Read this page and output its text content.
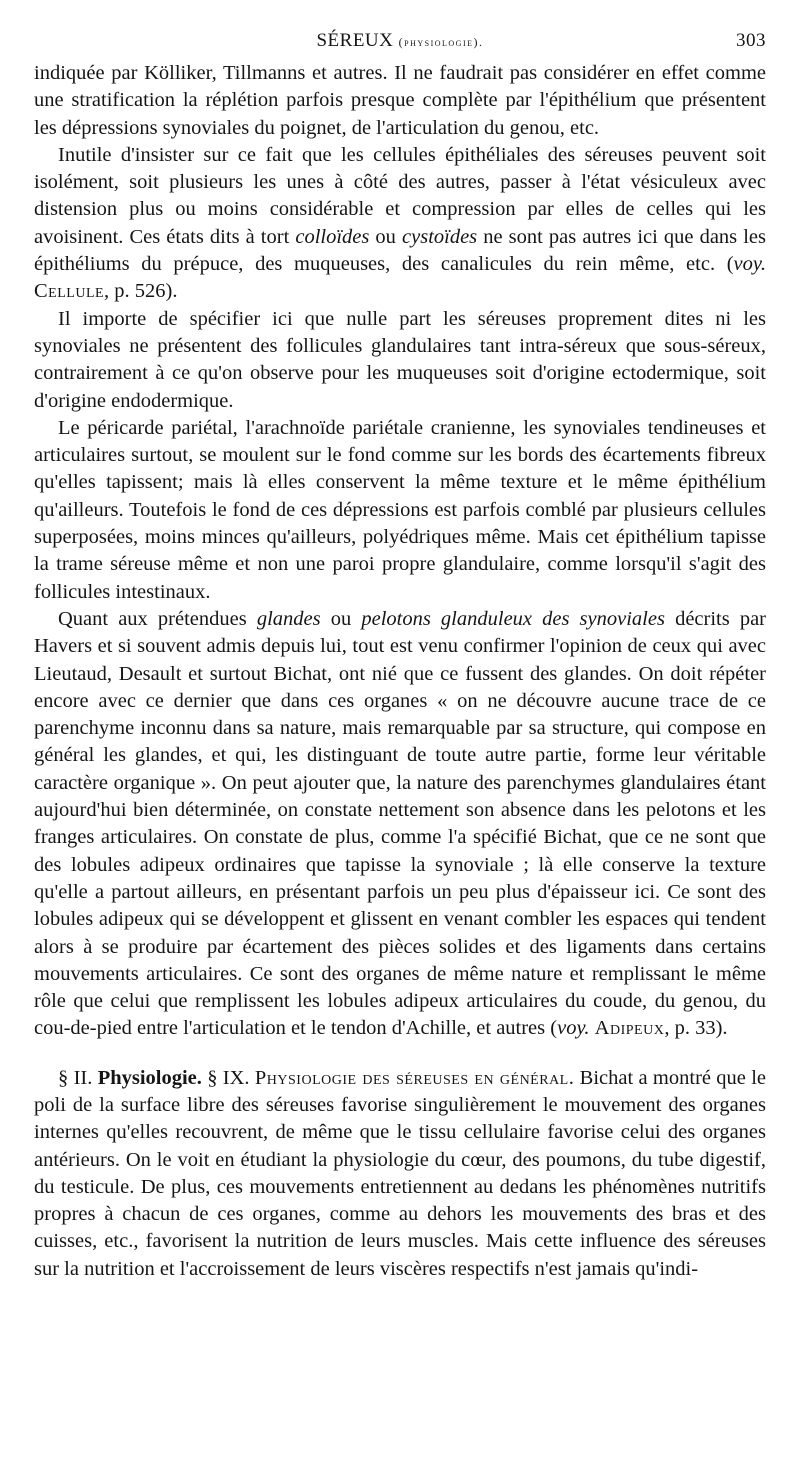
SÉREUX (physiologie).	303

indiquée par Kölliker, Tillmanns et autres. Il ne faudrait pas considérer en effet comme une stratification la réplétion parfois presque complète par l'épithélium que présentent les dépressions synoviales du poignet, de l'articulation du genou, etc.

Inutile d'insister sur ce fait que les cellules épithéliales des séreuses peuvent soit isolément, soit plusieurs les unes à côté des autres, passer à l'état vésiculeux avec distension plus ou moins considérable et compression par elles de celles qui les avoisinent. Ces états dits à tort colloïdes ou cystoïdes ne sont pas autres ici que dans les épithéliums du prépuce, des muqueuses, des canalicules du rein même, etc. (voy. Cellule, p. 526).

Il importe de spécifier ici que nulle part les séreuses proprement dites ni les synoviales ne présentent des follicules glandulaires tant intra-séreux que sous-séreux, contrairement à ce qu'on observe pour les muqueuses soit d'origine ectodermique, soit d'origine endodermique.

Le péricarde pariétal, l'arachnoïde pariétale cranienne, les synoviales tendineuses et articulaires surtout, se moulent sur le fond comme sur les bords des écartements fibreux qu'elles tapissent; mais là elles conservent la même texture et le même épithélium qu'ailleurs. Toutefois le fond de ces dépressions est parfois comblé par plusieurs cellules superposées, moins minces qu'ailleurs, polyédriques même. Mais cet épithélium tapisse la trame séreuse même et non une paroi propre glandulaire, comme lorsqu'il s'agit des follicules intestinaux.

Quant aux prétendues glandes ou pelotons glanduleux des synoviales décrits par Havers et si souvent admis depuis lui, tout est venu confirmer l'opinion de ceux qui avec Lieutaud, Desault et surtout Bichat, ont nié que ce fussent des glandes. On doit répéter encore avec ce dernier que dans ces organes « on ne découvre aucune trace de ce parenchyme inconnu dans sa nature, mais remarquable par sa structure, qui compose en général les glandes, et qui, les distinguant de toute autre partie, forme leur véritable caractère organique ». On peut ajouter que, la nature des parenchymes glandulaires étant aujourd'hui bien déterminée, on constate nettement son absence dans les pelotons et les franges articulaires. On constate de plus, comme l'a spécifié Bichat, que ce ne sont que des lobules adipeux ordinaires que tapisse la synoviale ; là elle conserve la texture qu'elle a partout ailleurs, en présentant parfois un peu plus d'épaisseur ici. Ce sont des lobules adipeux qui se développent et glissent en venant combler les espaces qui tendent alors à se produire par écartement des pièces solides et des ligaments dans certains mouvements articulaires. Ce sont des organes de même nature et remplissant le même rôle que celui que remplissent les lobules adipeux articulaires du coude, du genou, du cou-de-pied entre l'articulation et le tendon d'Achille, et autres (voy. Adipeux, p. 33).

§ II. Physiologie. § IX. Physiologie des séreuses en général. Bichat a montré que le poli de la surface libre des séreuses favorise singulièrement le mouvement des organes internes qu'elles recouvrent, de même que le tissu cellulaire favorise celui des organes antérieurs. On le voit en étudiant la physiologie du cœur, des poumons, du tube digestif, du testicule. De plus, ces mouvements entretiennent au dedans les phénomènes nutritifs propres à chacun de ces organes, comme au dehors les mouvements des bras et des cuisses, etc., favorisent la nutrition de leurs muscles. Mais cette influence des séreuses sur la nutrition et l'accroissement de leurs viscères respectifs n'est jamais qu'indi-
